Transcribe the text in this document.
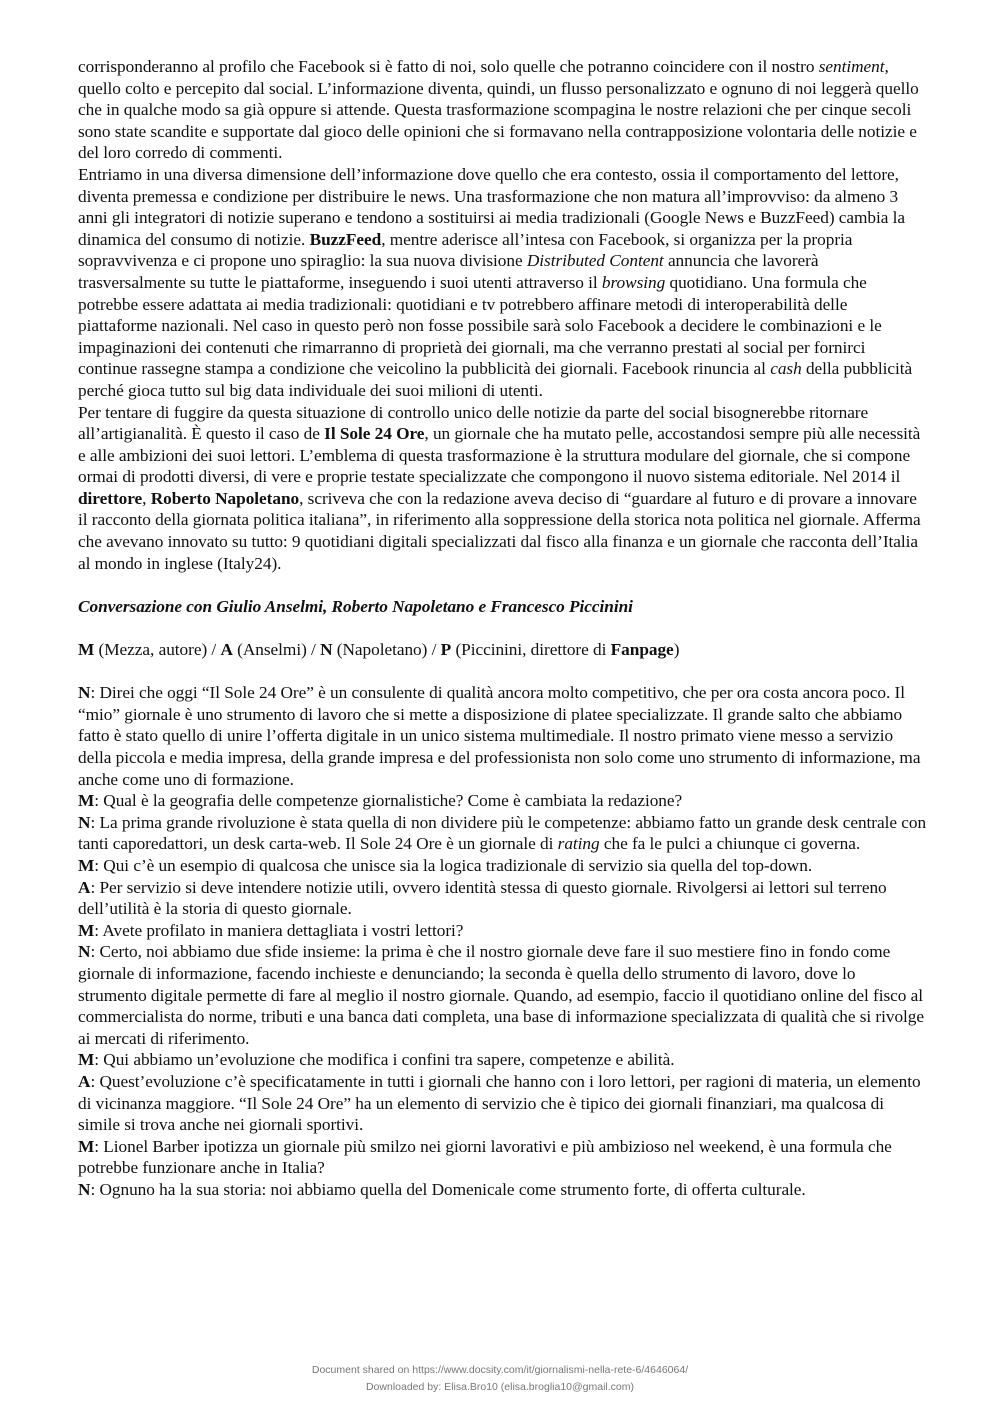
corrisponderanno al profilo che Facebook si è fatto di noi, solo quelle che potranno coincidere con il nostro sentiment, quello colto e percepito dal social. L’informazione diventa, quindi, un flusso personalizzato e ognuno di noi leggerà quello che in qualche modo sa già oppure si attende. Questa trasformazione scompagina le nostre relazioni che per cinque secoli sono state scandite e supportate dal gioco delle opinioni che si formavano nella contrapposizione volontaria delle notizie e del loro corredo di commenti.

Entriamo in una diversa dimensione dell’informazione dove quello che era contesto, ossia il comportamento del lettore, diventa premessa e condizione per distribuire le news. Una trasformazione che non matura all’improvviso: da almeno 3 anni gli integratori di notizie superano e tendono a sostituirsi ai media tradizionali (Google News e BuzzFeed) cambia la dinamica del consumo di notizie. BuzzFeed, mentre aderisce all’intesa con Facebook, si organizza per la propria sopravvivenza e ci propone uno spiraglio: la sua nuova divisione Distributed Content annuncia che lavorerà trasversalmente su tutte le piattaforme, inseguendo i suoi utenti attraverso il browsing quotidiano. Una formula che potrebbe essere adattata ai media tradizionali: quotidiani e tv potrebbero affinare metodi di interoperabilità delle piattaforme nazionali. Nel caso in questo però non fosse possibile sarà solo Facebook a decidere le combinazioni e le impaginazioni dei contenuti che rimarranno di proprietà dei giornali, ma che verranno prestati al social per fornirci continue rassegne stampa a condizione che veicolino la pubblicità dei giornali. Facebook rinuncia al cash della pubblicità perché gioca tutto sul big data individuale dei suoi milioni di utenti.

Per tentare di fuggire da questa situazione di controllo unico delle notizie da parte del social bisognerebbe ritornare all’artigianalità. È questo il caso de Il Sole 24 Ore, un giornale che ha mutato pelle, accostandosi sempre più alle necessità e alle ambizioni dei suoi lettori. L’emblema di questa trasformazione è la struttura modulare del giornale, che si compone ormai di prodotti diversi, di vere e proprie testate specializzate che compongono il nuovo sistema editoriale. Nel 2014 il direttore, Roberto Napoletano, scriveva che con la redazione aveva deciso di “guardare al futuro e di provare a innovare il racconto della giornata politica italiana”, in riferimento alla soppressione della storica nota politica nel giornale. Afferma che avevano innovato su tutto: 9 quotidiani digitali specializzati dal fisco alla finanza e un giornale che racconta dell’Italia al mondo in inglese (Italy24).

Conversazione con Giulio Anselmi, Roberto Napoletano e Francesco Piccinini

M (Mezza, autore) / A (Anselmi) / N (Napoletano) / P (Piccinini, direttore di Fanpage)

N: Direi che oggi “Il Sole 24 Ore” è un consulente di qualità ancora molto competitivo, che per ora costa ancora poco. Il “mio” giornale è uno strumento di lavoro che si mette a disposizione di platee specializzate. Il grande salto che abbiamo fatto è stato quello di unire l’offerta digitale in un unico sistema multimediale. Il nostro primato viene messo a servizio della piccola e media impresa, della grande impresa e del professionista non solo come uno strumento di informazione, ma anche come uno di formazione.

M: Qual è la geografia delle competenze giornalistiche? Come è cambiata la redazione?

N: La prima grande rivoluzione è stata quella di non dividere più le competenze: abbiamo fatto un grande desk centrale con tanti caporedattori, un desk carta-web. Il Sole 24 Ore è un giornale di rating che fa le pulci a chiunque ci governa.

M: Qui c’è un esempio di qualcosa che unisce sia la logica tradizionale di servizio sia quella del top-down.

A: Per servizio si deve intendere notizie utili, ovvero identità stessa di questo giornale. Rivolgersi ai lettori sul terreno dell’utilità è la storia di questo giornale.

M: Avete profilato in maniera dettagliata i vostri lettori?

N: Certo, noi abbiamo due sfide insieme: la prima è che il nostro giornale deve fare il suo mestiere fino in fondo come giornale di informazione, facendo inchieste e denunciando; la seconda è quella dello strumento di lavoro, dove lo strumento digitale permette di fare al meglio il nostro giornale. Quando, ad esempio, faccio il quotidiano online del fisco al commercialista do norme, tributi e una banca dati completa, una base di informazione specializzata di qualità che si rivolge ai mercati di riferimento.

M: Qui abbiamo un’evoluzione che modifica i confini tra sapere, competenze e abilità.

A: Quest’evoluzione c’è specificatamente in tutti i giornali che hanno con i loro lettori, per ragioni di materia, un elemento di vicinanza maggiore. “Il Sole 24 Ore” ha un elemento di servizio che è tipico dei giornali finanziari, ma qualcosa di simile si trova anche nei giornali sportivi.

M: Lionel Barber ipotizza un giornale più smilzo nei giorni lavorativi e più ambizioso nel weekend, è una formula che potrebbe funzionare anche in Italia?

N: Ognuno ha la sua storia: noi abbiamo quella del Domenicale come strumento forte, di offerta culturale.

Document shared on https://www.docsity.com/it/giornalismi-nella-rete-6/4646064/
Downloaded by: Elisa.Bro10 (elisa.broglia10@gmail.com)
